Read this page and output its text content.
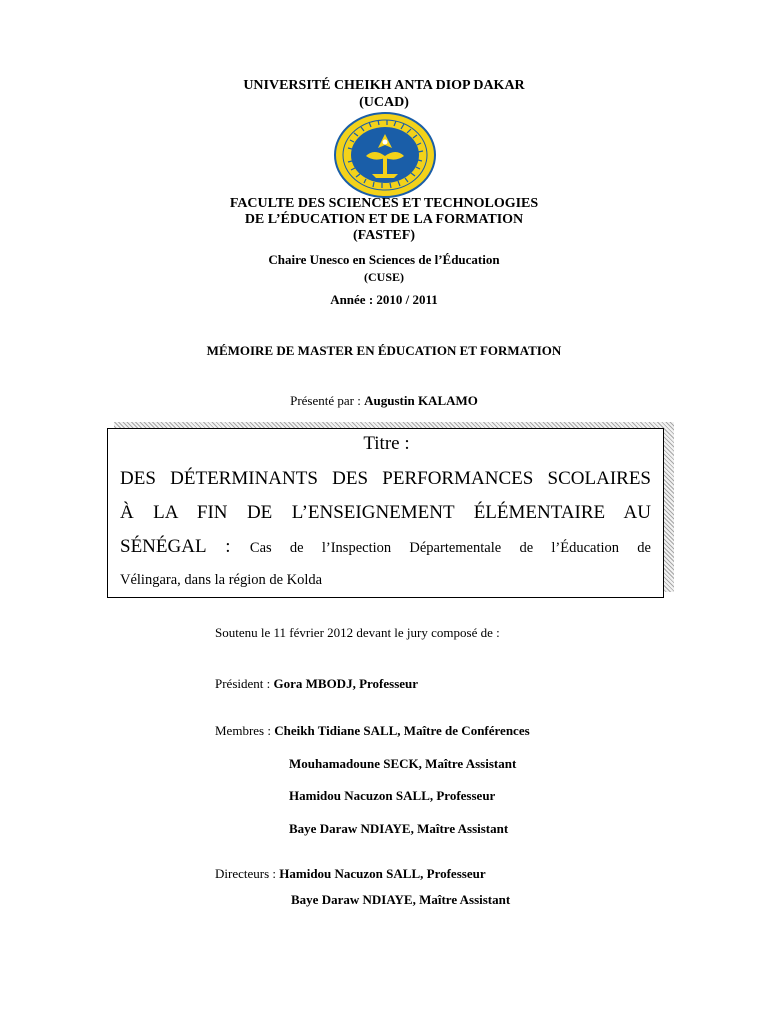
UNIVERSITÉ CHEIKH ANTA DIOP DAKAR
(UCAD)
FACULTE DES SCIENCES ET TECHNOLOGIES
DE L’ÉDUCATION ET DE LA FORMATION
(FASTEF)
Chaire Unesco en Sciences de l’Éducation
(CUSE)
Année : 2010 / 2011
MÉMOIRE DE MASTER EN ÉDUCATION ET FORMATION
Présenté par : Augustin KALAMO
Titre :
DES DÉTERMINANTS DES PERFORMANCES SCOLAIRES
À LA FIN DE L’ENSEIGNEMENT ÉLÉMENTAIRE AU
SÉNÉGAL : Cas de l’Inspection Départementale de l’Éducation de
Vélingara, dans la région de Kolda
Soutenu le 11 février 2012 devant le jury composé de :
Président : Gora MBODJ, Professeur
Membres : Cheikh Tidiane SALL, Maître de Conférences
Mouhamadoune SECK, Maître Assistant
Hamidou Nacuzon SALL, Professeur
Baye Daraw NDIAYE, Maître Assistant
Directeurs : Hamidou Nacuzon SALL, Professeur
Baye Daraw NDIAYE, Maître Assistant
